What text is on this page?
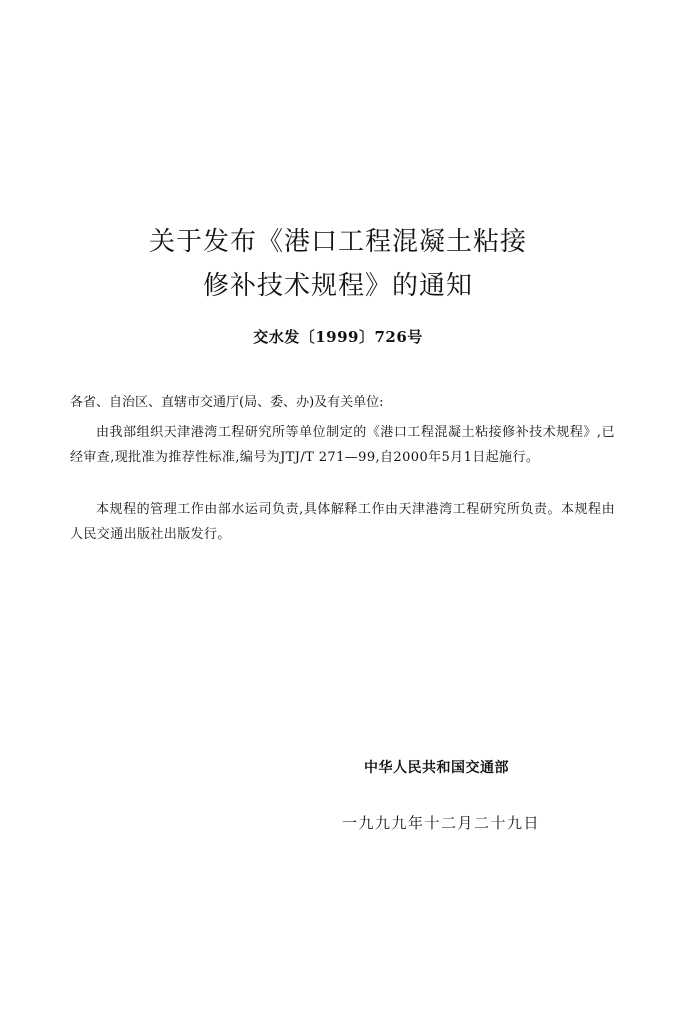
关于发布《港口工程混凝土粘接
修补技术规程》的通知
交水发〔1999〕726号
各省、自治区、直辖市交通厅(局、委、办)及有关单位:
由我部组织天津港湾工程研究所等单位制定的《港口工程混凝土粘接修补技术规程》,已经审查,现批准为推荐性标准,编号为JTJ/T 271—99,自2000年5月1日起施行。
本规程的管理工作由部水运司负责,具体解释工作由天津港湾工程研究所负责。本规程由人民交通出版社出版发行。
中华人民共和国交通部
一九九九年十二月二十九日
